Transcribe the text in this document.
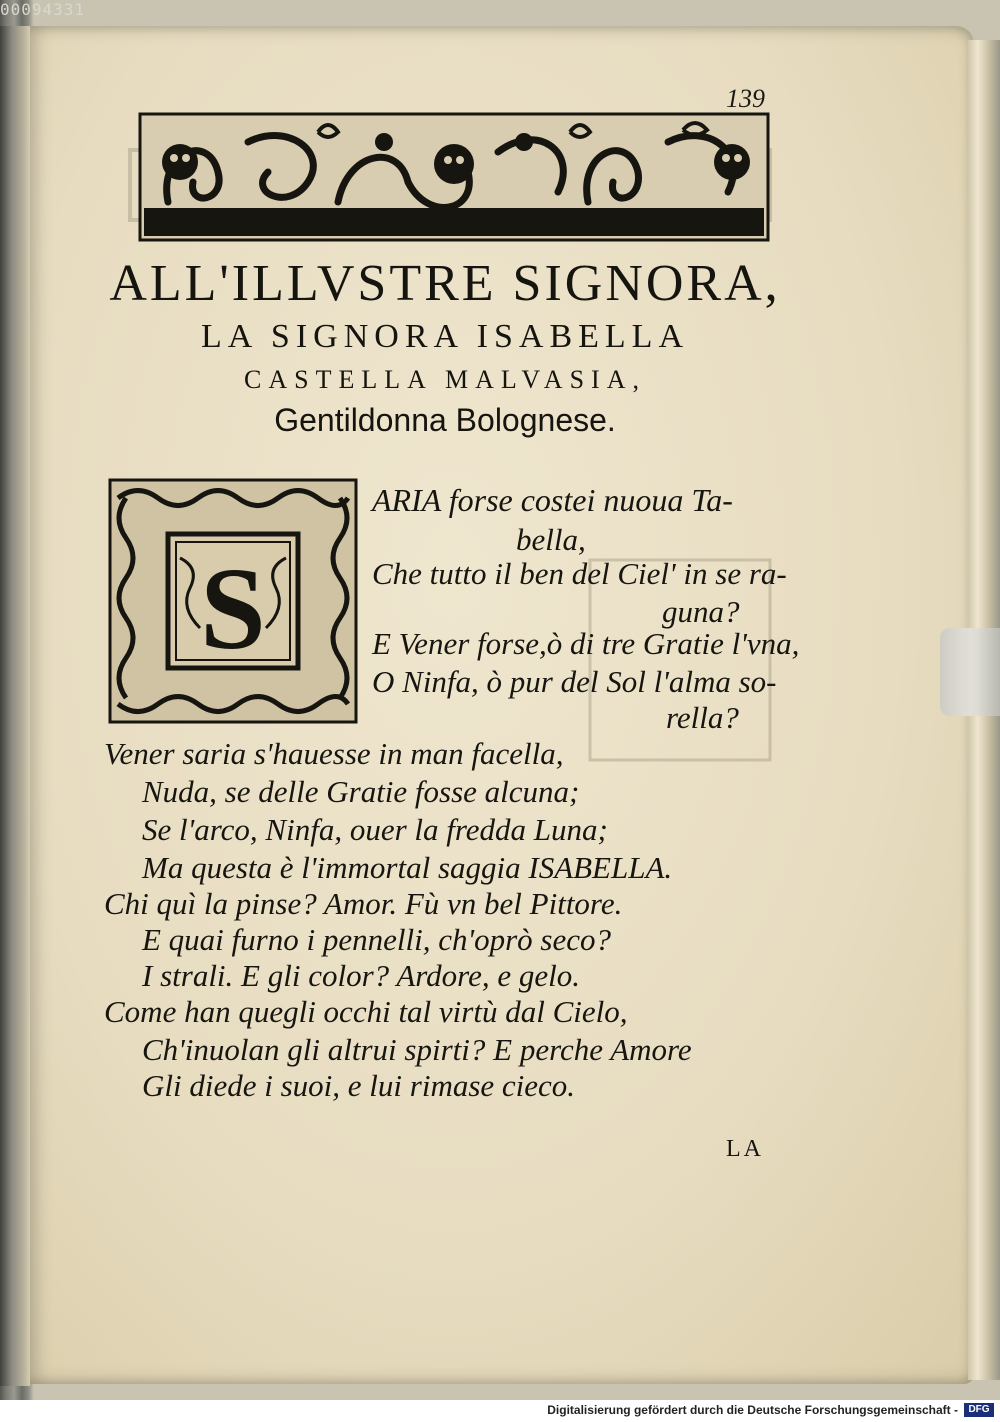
00094331
139
ALL'ILLVSTRE SIGNORA,
LA SIGNORA ISABELLA
CASTELLA MALVASIA,
Gentildonna Bolognese.
S
ARIA forse costei nuoua Ta-
bella,
Che tutto il ben del Ciel' in se ra-
guna?
E Vener forse,ò di tre Gratie l'vna,
O Ninfa, ò pur del Sol l'alma so-
rella?
Vener saria s'hauesse in man facella,
Nuda, se delle Gratie fosse alcuna;
Se l'arco, Ninfa, ouer la fredda Luna;
Ma questa è l'immortal saggia ISABELLA.
Chi quì la pinse? Amor. Fù vn bel Pittore.
E quai furno i pennelli, ch'oprò seco?
I strali. E gli color? Ardore, e gelo.
Come han quegli occhi tal virtù dal Cielo,
Ch'inuolan gli altrui spirti? E perche Amore
Gli diede i suoi, e lui rimase cieco.
LA
Digitalisierung gefördert durch die Deutsche Forschungsgemeinschaft -	DFG
